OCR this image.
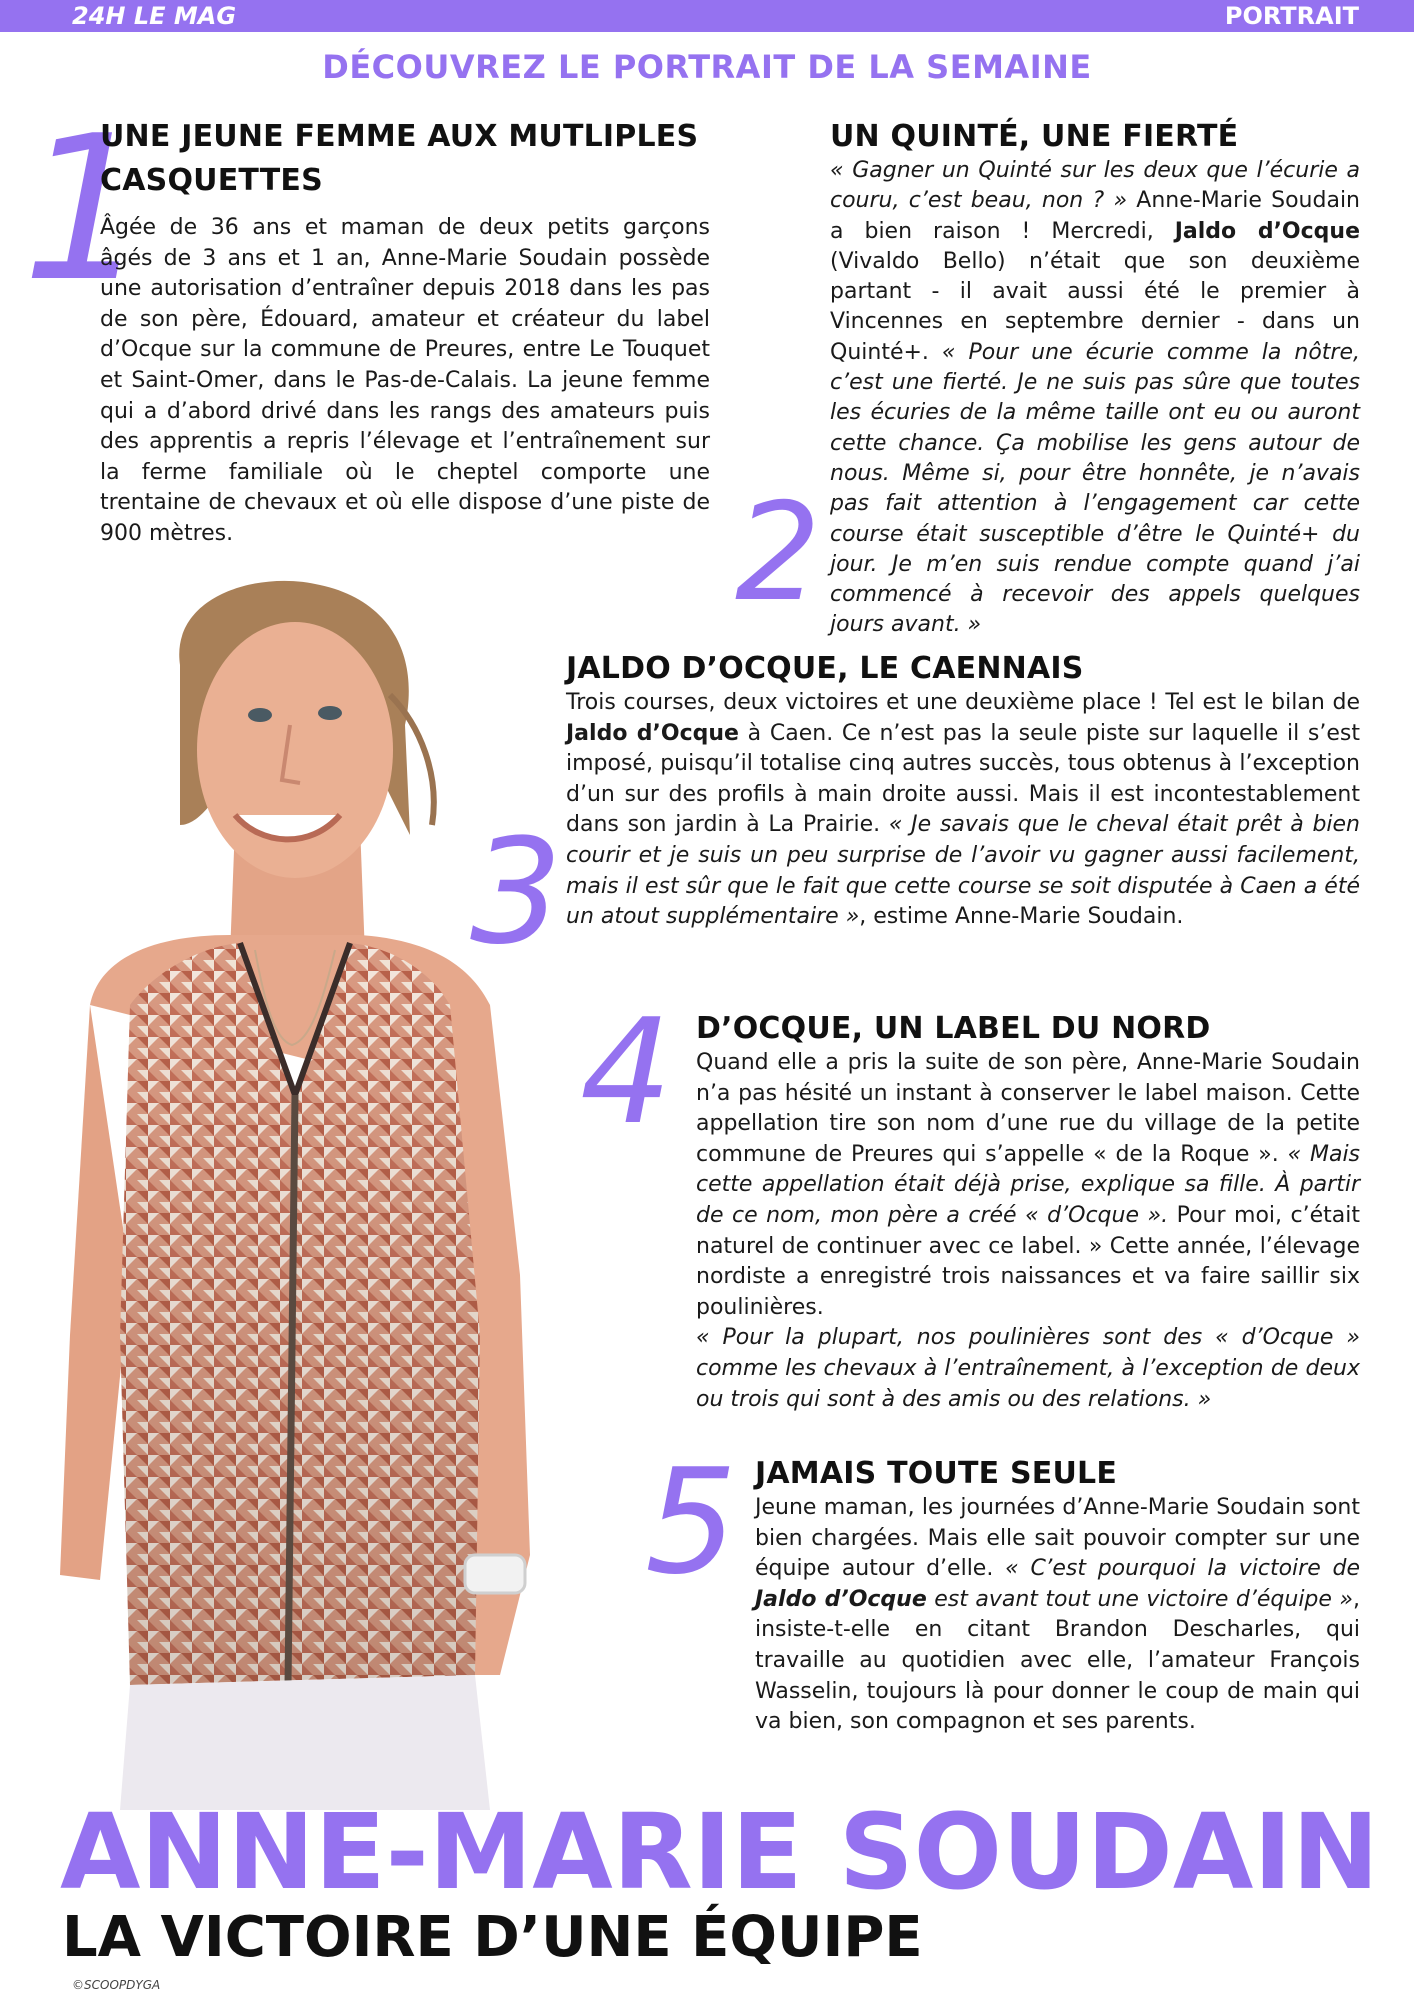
24H LE MAG	PORTRAIT
DÉCOUVREZ LE PORTRAIT DE LA SEMAINE
1
UNE JEUNE FEMME AUX MUTLIPLES CASQUETTES

Âgée de 36 ans et maman de deux petits garçons âgés de 3 ans et 1 an, Anne-Marie Soudain possède une autorisation d’entraîner depuis 2018 dans les pas de son père, Édouard, amateur et créateur du label d’Ocque sur la commune de Preures, entre Le Touquet et Saint-Omer, dans le Pas-de-Calais. La jeune femme qui a d’abord drivé dans les rangs des amateurs puis des apprentis a repris l’élevage et l’entraînement sur la ferme familiale où le cheptel comporte une trentaine de chevaux et où elle dispose d’une piste de 900 mètres.	2
UN QUINTÉ, UNE FIERTÉ

« Gagner un Quinté sur les deux que l’écurie a couru, c’est beau, non ? » Anne-Marie Soudain a bien raison ! Mercredi, Jaldo d’Ocque (Vivaldo Bello) n’était que son deuxième partant - il avait aussi été le premier à Vincennes en septembre dernier - dans un Quinté+. « Pour une écurie comme la nôtre, c’est une fierté. Je ne suis pas sûre que toutes les écuries de la même taille ont eu ou auront cette chance. Ça mobilise les gens autour de nous. Même si, pour être honnête, je n’avais pas fait attention à l’engagement car cette course était susceptible d’être le Quinté+ du jour. Je m’en suis rendue compte quand j’ai commencé à recevoir des appels quelques jours avant. »

3
JALDO D’OCQUE, LE CAENNAIS

Trois courses, deux victoires et une deuxième place ! Tel est le bilan de Jaldo d’Ocque à Caen. Ce n’est pas la seule piste sur laquelle il s’est imposé, puisqu’il totalise cinq autres succès, tous obtenus à l’exception d’un sur des profils à main droite aussi. Mais il est incontestablement dans son jardin à La Prairie. « Je savais que le cheval était prêt à bien courir et je suis un peu surprise de l’avoir vu gagner aussi facilement, mais il est sûr que le fait que cette course se soit disputée à Caen a été un atout supplémentaire », estime Anne-Marie Soudain.

4 D’OCQUE, UN LABEL DU NORD

Quand elle a pris la suite de son père, Anne-Marie Soudain n’a pas hésité un instant à conserver le label maison. Cette appellation tire son nom d’une rue du village de la petite commune de Preures qui s’appelle « de la Roque ». « Mais cette appellation était déjà prise, explique sa fille. À partir de ce nom, mon père a créé « d’Ocque ». Pour moi, c’était naturel de continuer avec ce label. » Cette année, l’élevage nordiste a enregistré trois naissances et va faire saillir six poulinières.

« Pour la plupart, nos poulinières sont des « d’Ocque » comme les chevaux à l’entraînement, à l’exception de deux ou trois qui sont à des amis ou des relations. »

5 JAMAIS TOUTE SEULE

Jeune maman, les journées d’Anne-Marie Soudain sont bien chargées. Mais elle sait pouvoir compter sur une équipe autour d’elle. « C’est pourquoi la victoire de Jaldo d’Ocque est avant tout une victoire d’équipe », insiste-t-elle en citant Brandon Descharles, qui travaille au quotidien avec elle, l’amateur François Wasselin, toujours là pour donner le coup de main qui va bien, son compagnon et ses parents.

ANNE-MARIE SOUDAIN
LA VICTOIRE D’UNE ÉQUIPE
©SCOOPDYGA
